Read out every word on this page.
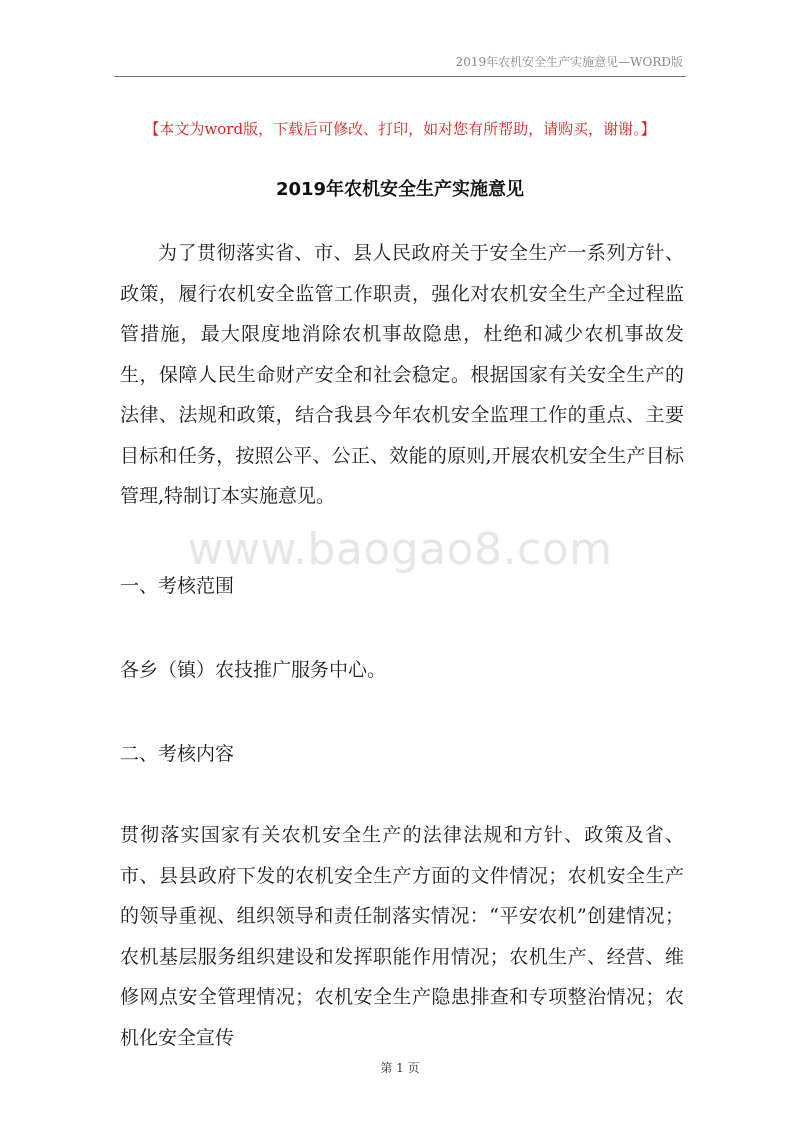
2019年农机安全生产实施意见—WORD版
【本文为word版，下载后可修改、打印，如对您有所帮助，请购买，谢谢。】
2019年农机安全生产实施意见

为了贯彻落实省、市、县人民政府关于安全生产一系列方针、政策，履行农机安全监管工作职责，强化对农机安全生产全过程监管措施，最大限度地消除农机事故隐患，杜绝和减少农机事故发生，保障人民生命财产安全和社会稳定。根据国家有关安全生产的法律、法规和政策，结合我县今年农机安全监理工作的重点、主要目标和任务，按照公平、公正、效能的原则,开展农机安全生产目标管理,特制订本实施意见。

www.baogao8.com
一、考核范围

各乡（镇）农技推广服务中心。

二、考核内容

贯彻落实国家有关农机安全生产的法律法规和方针、政策及省、市、县县政府下发的农机安全生产方面的文件情况；农机安全生产的领导重视、组织领导和责任制落实情况：“平安农机”创建情况；农机基层服务组织建设和发挥职能作用情况；农机生产、经营、维修网点安全管理情况；农机安全生产隐患排查和专项整治情况；农机化安全宣传

第 1 页
